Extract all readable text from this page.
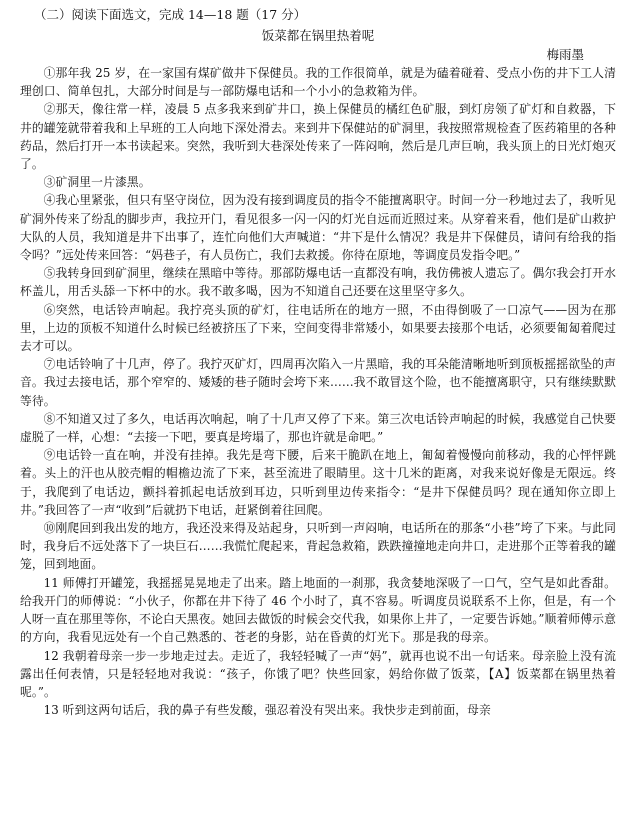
（二）阅读下面选文，完成 14—18 题（17 分）

饭菜都在锅里热着呢

梅雨墨

①那年我 25 岁，在一家国有煤矿做井下保健员。我的工作很简单，就是为磕着碰着、受点小伤的井下工人清理创口、简单包扎，大部分时间是与一部防爆电话和一个小小的急救箱为伴。

②那天，像往常一样，凌晨 5 点多我来到矿井口，换上保健员的橘红色矿服，到灯房领了矿灯和自救器，下井的罐笼就带着我和上早班的工人向地下深处滑去。来到井下保健站的矿洞里，我按照常规检查了医药箱里的各种药品，然后打开一本书读起来。突然，我听到大巷深处传来了一阵闷响，然后是几声巨响，我头顶上的日光灯炮灭了。

③矿洞里一片漆黑。

④我心里紧张，但只有坚守岗位，因为没有接到调度员的指令不能擅离职守。时间一分一秒地过去了，我听见矿洞外传来了纷乱的脚步声，我拉开门，看见很多一闪一闪的灯光自远而近照过来。从穿着来看，他们是矿山救护大队的人员，我知道是井下出事了，连忙向他们大声喊道：“井下是什么情况？我是井下保健员，请问有给我的指令吗？”远处传来回答：“妈巷子，有人员伤亡，我们去救援。你待在原地，等调度员发指令吧。”

⑤我转身回到矿洞里，继续在黑暗中等待。那部防爆电话一直都没有响，我仿佛被人遗忘了。偶尔我会打开水杯盖儿，用舌头舔一下杯中的水。我不敢多喝，因为不知道自己还要在这里坚守多久。

⑥突然，电话铃声响起。我拧亮头顶的矿灯，往电话所在的地方一照，不由得倒吸了一口凉气——因为在那里，上边的顶板不知道什么时候已经被挤压了下来，空间变得非常矮小，如果要去接那个电话，必须要匍匐着爬过去才可以。

⑦电话铃响了十几声，停了。我拧灭矿灯，四周再次陷入一片黑暗，我的耳朵能清晰地听到顶板摇摇欲坠的声音。我过去接电话，那个窄窄的、矮矮的巷子随时会垮下来……我不敢冒这个险，也不能擅离职守，只有继续默默等待。

⑧不知道又过了多久，电话再次响起，响了十几声又停了下来。第三次电话铃声响起的时候，我感觉自己快要虚脱了一样，心想：“去接一下吧，要真是垮塌了，那也许就是命吧。”

⑨电话铃一直在响，并没有挂掉。我先是弯下腰，后来干脆趴在地上，匍匐着慢慢向前移动，我的心怦怦跳着。头上的汗也从胶壳帽的帽檐边流了下来，甚至流进了眼睛里。这十几米的距离，对我来说好像是无限远。终于，我爬到了电话边，颤抖着抓起电话放到耳边，只听到里边传来指令：“是井下保健员吗？现在通知你立即上井。”我回答了一声“收到”后就扔下电话，赶紧倒着往回爬。

⑩刚爬回到我出发的地方，我还没来得及站起身，只听到一声闷响，电话所在的那条“小巷”垮了下来。与此同时，我身后不远处落下了一块巨石……我慌忙爬起来，背起急救箱，跌跌撞撞地走向井口，走进那个正等着我的罐笼，回到地面。

11 师傅打开罐笼，我摇摇晃晃地走了出来。踏上地面的一刹那，我贪婪地深吸了一口气，空气是如此香甜。给我开门的师傅说：“小伙子，你都在井下待了 46 个小时了，真不容易。听调度员说联系不上你，但是，有一个人呀一直在那里等你，不论白天黑夜。她回去做饭的时候会交代我，如果你上井了，一定要告诉她。”顺着师傅示意的方向，我看见远处有一个自己熟悉的、苍老的身影，站在昏黄的灯光下。那是我的母亲。

12 我朝着母亲一步一步地走过去。走近了，我轻轻喊了一声“妈”，就再也说不出一句话来。母亲脸上没有流露出任何表情，只是轻轻地对我说：“孩子，你饿了吧？快些回家，妈给你做了饭菜，【A】饭菜都在锅里热着呢。”。

13 听到这两句话后，我的鼻子有些发酸，强忍着没有哭出来。我快步走到前面，母亲
